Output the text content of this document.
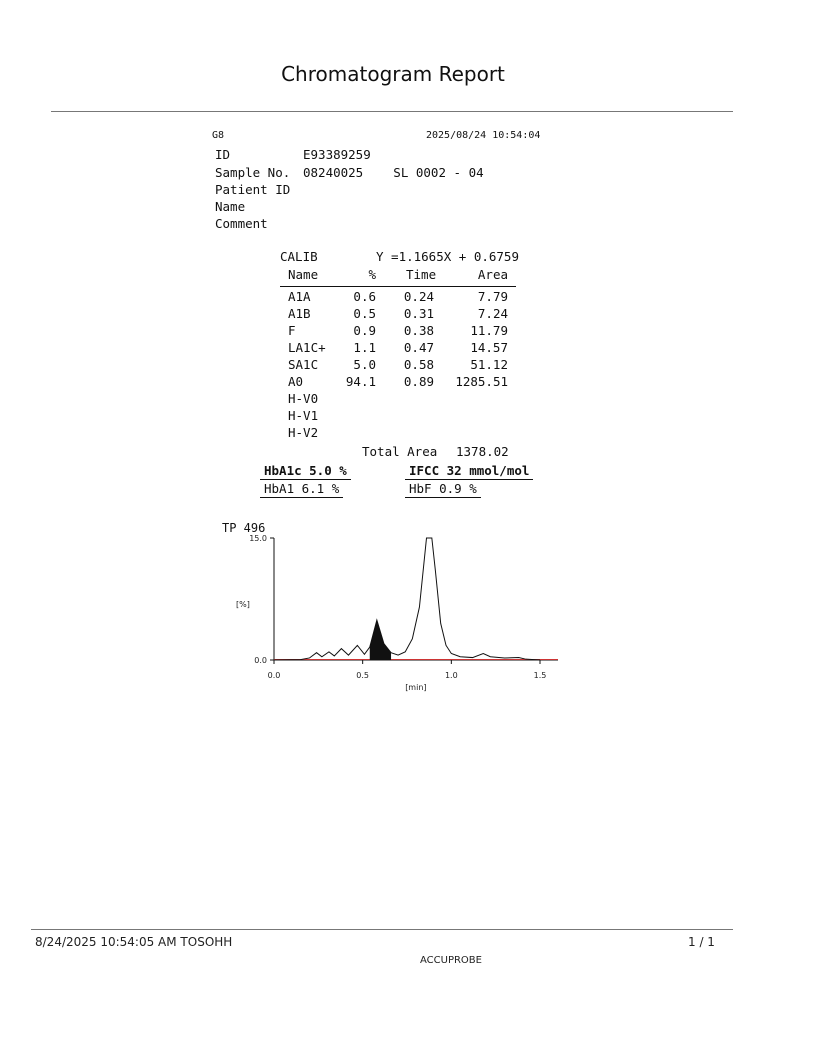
Chromatogram Report
G8	2025/08/24 10:54:04
ID	E93389259
Sample No. 08240025    SL 0002 - 04
Patient ID
Name
Comment
CALIB	Y =1.1665X + 0.6759
Name	% Time	Area
A1A	0.6	0.24	7.79
A1B	0.5	0.31	7.24
F	0.9	0.38	11.79
LA1C+	1.1	0.47	14.57
SA1C	5.0	0.58	51.12
A0	94.1	0.89	1285.51
H-V0
H-V1
H-V2
Total Area 1378.02
HbA1c 5.0 %	IFCC 32 mmol/mol
HbA1 6.1 %	HbF 0.9 %
TP 496
[%]
[min]
15.0
0.0
0.0	0.5	1.0	1.5
8/24/2025 10:54:05 AM TOSOHH	1 / 1
ACCUPROBE
